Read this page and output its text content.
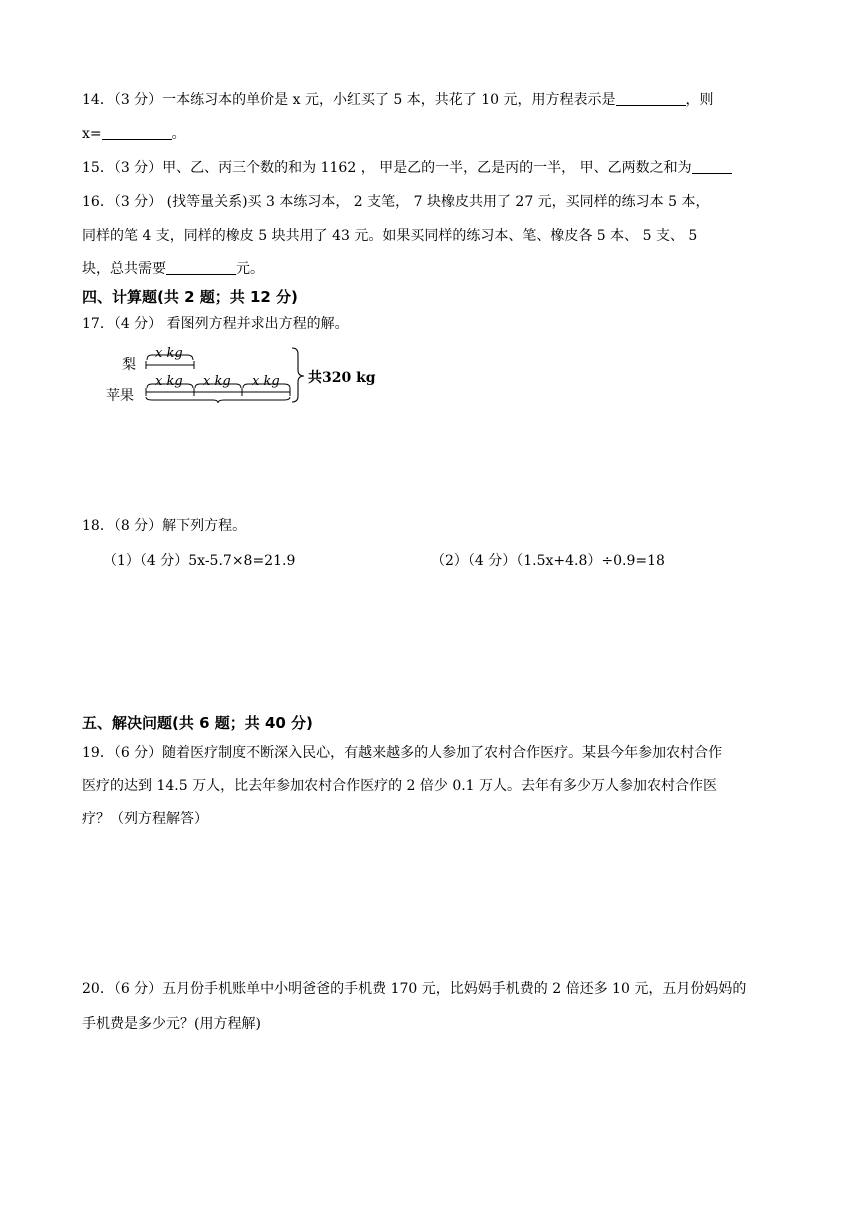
14．（3 分）一本练习本的单价是 x 元，小红买了 5 本，共花了 10 元，用方程表示是	，则
x=	。
15．（3 分）甲、乙、丙三个数的和为 1162 ， 甲是乙的一半，乙是丙的一半， 甲、乙两数之和为
16．（3 分） (找等量关系)买 3 本练习本， 2 支笔， 7 块橡皮共用了 27 元，买同样的练习本 5 本，
同样的笔 4 支，同样的橡皮 5 块共用了 43 元。如果买同样的练习本、笔、橡皮各 5 本、 5 支、 5
块，总共需要	元。
四、计算题(共 2 题；共 12 分)
17．（4 分） 看图列方程并求出方程的解。
梨
苹果
x kg
x kg x kg x kg 共320 kg
18．（8 分）解下列方程。
（1）（4 分）5x-5.7×8=21.9	（2）（4 分）（1.5x+4.8）÷0.9=18
五、解决问题(共 6 题；共 40 分)
19．（6 分）随着医疗制度不断深入民心，有越来越多的人参加了农村合作医疗。某县今年参加农村合作
医疗的达到 14.5 万人，比去年参加农村合作医疗的 2 倍少 0.1 万人。去年有多少万人参加农村合作医
疗？（列方程解答）
20．（6 分）五月份手机账单中小明爸爸的手机费 170 元，比妈妈手机费的 2 倍还多 10 元，五月份妈妈的
手机费是多少元？(用方程解)
